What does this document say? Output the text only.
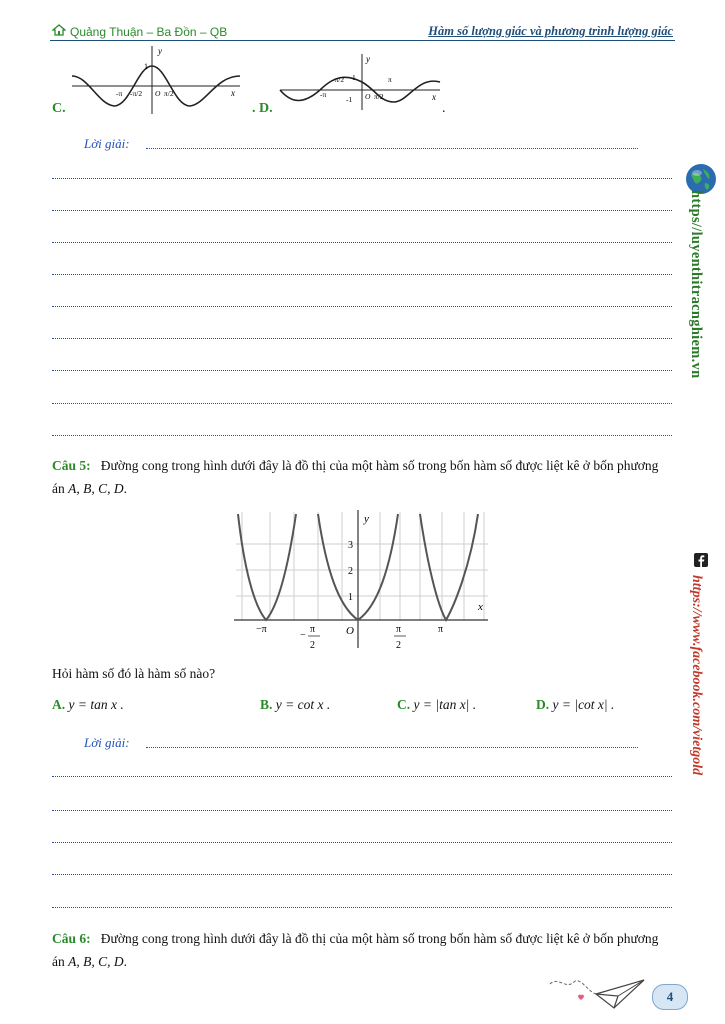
Quảng Thuận – Ba Đồn – QB	Hàm số lượng giác và phương trình lượng giác
y
1
-π -π/2 O π/2	x
C.
y
-π/2 1	π
-π
-1 O π/2	x
. D.	.
Lời giải:
Câu 5: Đường cong trong hình dưới đây là đồ thị của một hàm số trong bốn hàm số được liệt kê ở bốn phương án A, B, C, D.
y
3
2
1
x
−π	O	π
−
π
2
π
2
Hỏi hàm số đó là hàm số nào?
A. y = tan x .	B. y = cot x .	C. y = |tan x| .	D. y = |cot x| .
Lời giải:
Câu 6: Đường cong trong hình dưới đây là đồ thị của một hàm số trong bốn hàm số được liệt kê ở bốn phương án A, B, C, D.
https//luyenthitracnghiem.vn
https://www.facebook.com/vietgold
4
